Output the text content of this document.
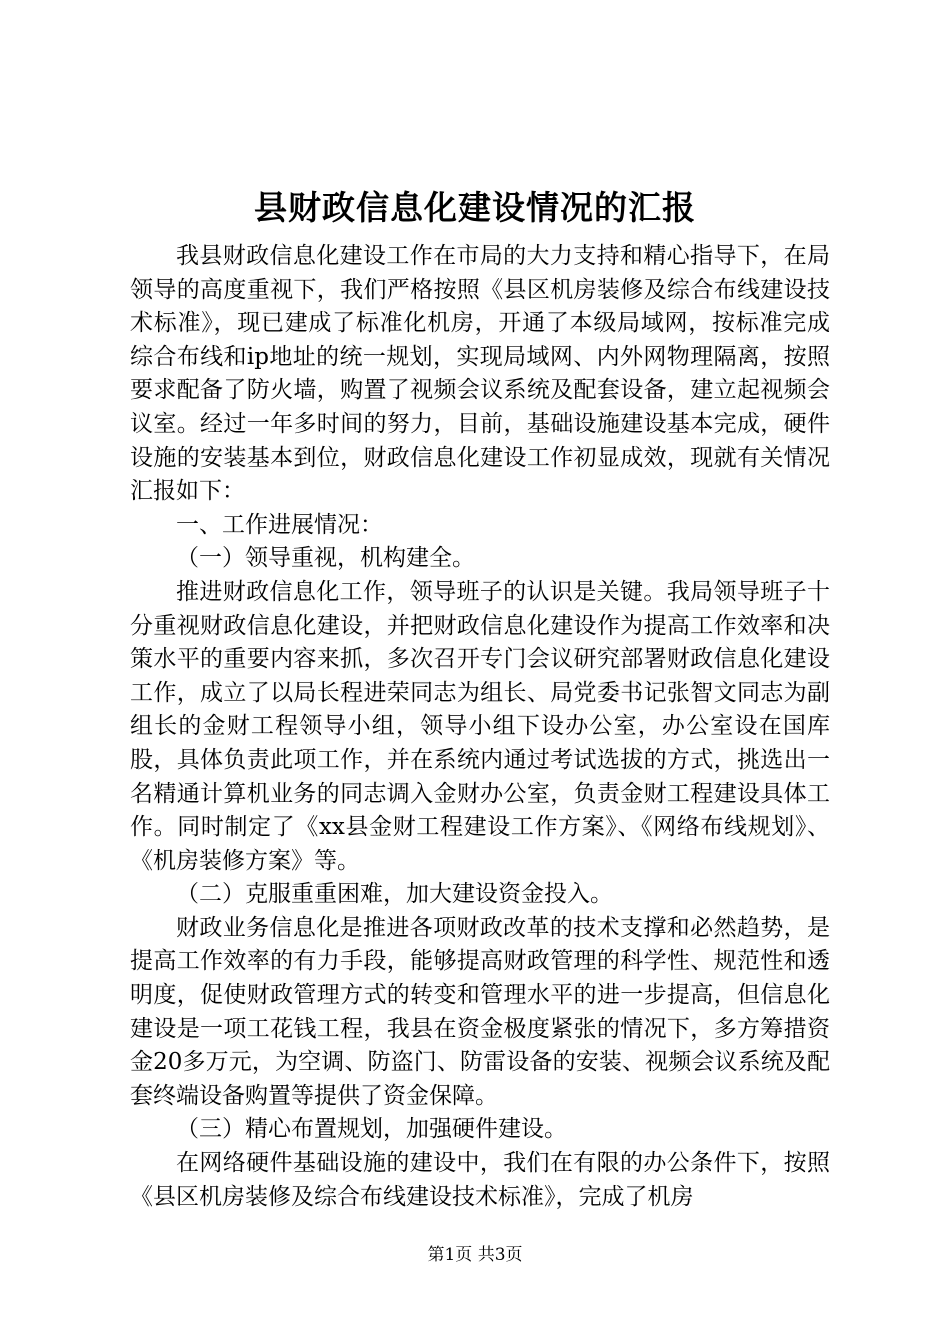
县财政信息化建设情况的汇报

我县财政信息化建设工作在市局的大力支持和精心指导下，在局领导的高度重视下，我们严格按照《县区机房装修及综合布线建设技术标准》，现已建成了标准化机房，开通了本级局域网，按标准完成综合布线和ip地址的统一规划，实现局域网、内外网物理隔离，按照要求配备了防火墙，购置了视频会议系统及配套设备，建立起视频会议室。经过一年多时间的努力，目前，基础设施建设基本完成，硬件设施的安装基本到位，财政信息化建设工作初显成效，现就有关情况汇报如下：

一、工作进展情况：

（一）领导重视，机构建全。

推进财政信息化工作，领导班子的认识是关键。我局领导班子十分重视财政信息化建设，并把财政信息化建设作为提高工作效率和决策水平的重要内容来抓，多次召开专门会议研究部署财政信息化建设工作，成立了以局长程进荣同志为组长、局党委书记张智文同志为副组长的金财工程领导小组，领导小组下设办公室，办公室设在国库股，具体负责此项工作，并在系统内通过考试选拔的方式，挑选出一名精通计算机业务的同志调入金财办公室，负责金财工程建设具体工作。同时制定了《xx县金财工程建设工作方案》、《网络布线规划》、《机房装修方案》等。

（二）克服重重困难，加大建设资金投入。

财政业务信息化是推进各项财政改革的技术支撑和必然趋势，是提高工作效率的有力手段，能够提高财政管理的科学性、规范性和透明度，促使财政管理方式的转变和管理水平的进一步提高，但信息化建设是一项工花钱工程，我县在资金极度紧张的情况下，多方筹措资金20多万元，为空调、防盗门、防雷设备的安装、视频会议系统及配套终端设备购置等提供了资金保障。

（三）精心布置规划，加强硬件建设。

在网络硬件基础设施的建设中，我们在有限的办公条件下，按照《县区机房装修及综合布线建设技术标准》，完成了机房

第1页 共3页
